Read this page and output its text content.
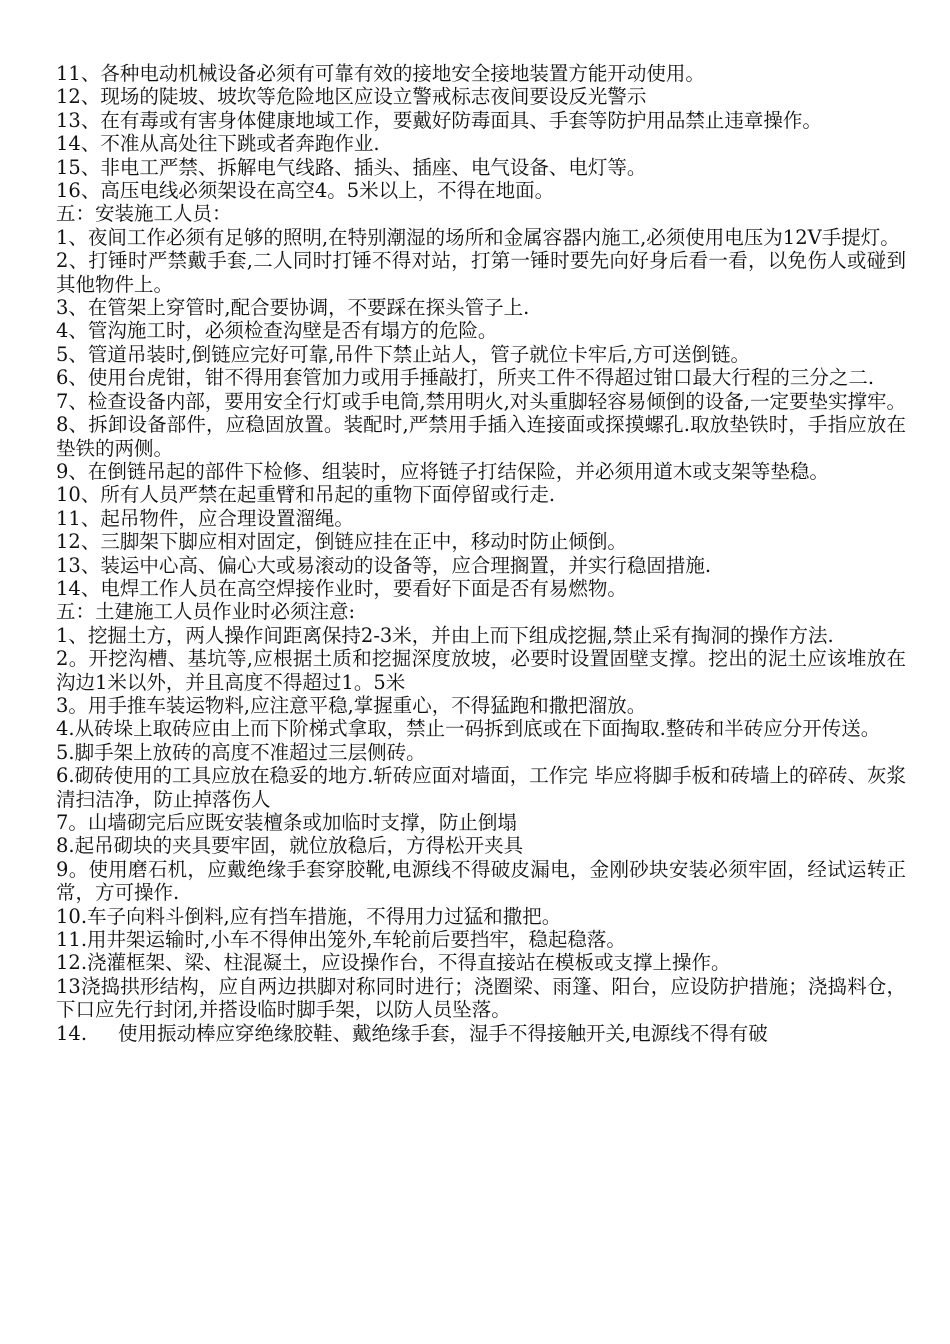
11、各种电动机械设备必须有可靠有效的接地安全接地装置方能开动使用。

12、现场的陡坡、坡坎等危险地区应设立警戒标志夜间要设反光警示

13、在有毒或有害身体健康地域工作，要戴好防毒面具、手套等防护用品禁止违章操作。

14、不准从高处往下跳或者奔跑作业.

15、非电工严禁、拆解电气线路、插头、插座、电气设备、电灯等。

16、高压电线必须架设在高空4。5米以上，不得在地面。

五：安装施工人员：

1、夜间工作必须有足够的照明,在特别潮湿的场所和金属容器内施工,必须使用电压为12V手提灯。

2、打锤时严禁戴手套,二人同时打锤不得对站，打第一锤时要先向好身后看一看，以免伤人或碰到其他物件上。

3、在管架上穿管时,配合要协调，不要踩在探头管子上.

4、管沟施工时，必须检查沟壁是否有塌方的危险。

5、管道吊装时,倒链应完好可靠,吊件下禁止站人，管子就位卡牢后,方可送倒链。

6、使用台虎钳，钳不得用套管加力或用手捶敲打，所夹工件不得超过钳口最大行程的三分之二.

7、检查设备内部，要用安全行灯或手电筒,禁用明火,对头重脚轻容易倾倒的设备,一定要垫实撑牢。

8、拆卸设备部件，应稳固放置。装配时,严禁用手插入连接面或探摸螺孔.取放垫铁时，手指应放在垫铁的两侧。

9、在倒链吊起的部件下检修、组装时，应将链子打结保险，并必须用道木或支架等垫稳。

10、所有人员严禁在起重臂和吊起的重物下面停留或行走.

11、起吊物件，应合理设置溜绳。

12、三脚架下脚应相对固定，倒链应挂在正中，移动时防止倾倒。

13、装运中心高、偏心大或易滚动的设备等，应合理搁置，并实行稳固措施.

14、电焊工作人员在高空焊接作业时，要看好下面是否有易燃物。

五：土建施工人员作业时必须注意:

1、挖掘土方，两人操作间距离保持2-3米，并由上而下组成挖掘,禁止采有掏洞的操作方法.

2。开挖沟槽、基坑等,应根据土质和挖掘深度放坡，必要时设置固壁支撑。挖出的泥土应该堆放在沟边1米以外，并且高度不得超过1。5米

3。用手推车装运物料,应注意平稳,掌握重心，不得猛跑和撒把溜放。

4.从砖垛上取砖应由上而下阶梯式拿取，禁止一码拆到底或在下面掏取.整砖和半砖应分开传送。

5.脚手架上放砖的高度不准超过三层侧砖。

6.砌砖使用的工具应放在稳妥的地方.斩砖应面对墙面，工作完 毕应将脚手板和砖墙上的碎砖、灰浆清扫洁净，防止掉落伤人

7。山墙砌完后应既安装檀条或加临时支撑，防止倒塌

8.起吊砌块的夹具要牢固，就位放稳后，方得松开夹具

9。使用磨石机，应戴绝缘手套穿胶靴,电源线不得破皮漏电，金刚砂块安装必须牢固，经试运转正常，方可操作.

10.车子向料斗倒料,应有挡车措施，不得用力过猛和撒把。

11.用井架运输时,小车不得伸出笼外,车轮前后要挡牢，稳起稳落。

12.浇灌框架、梁、柱混凝土，应设操作台，不得直接站在模板或支撑上操作。

13浇捣拱形结构，应自两边拱脚对称同时进行；浇圈梁、雨篷、阳台，应设防护措施；浇捣料仓，下口应先行封闭,并搭设临时脚手架，以防人员坠落。

14.     使用振动棒应穿绝缘胶鞋、戴绝缘手套，湿手不得接触开关,电源线不得有破
